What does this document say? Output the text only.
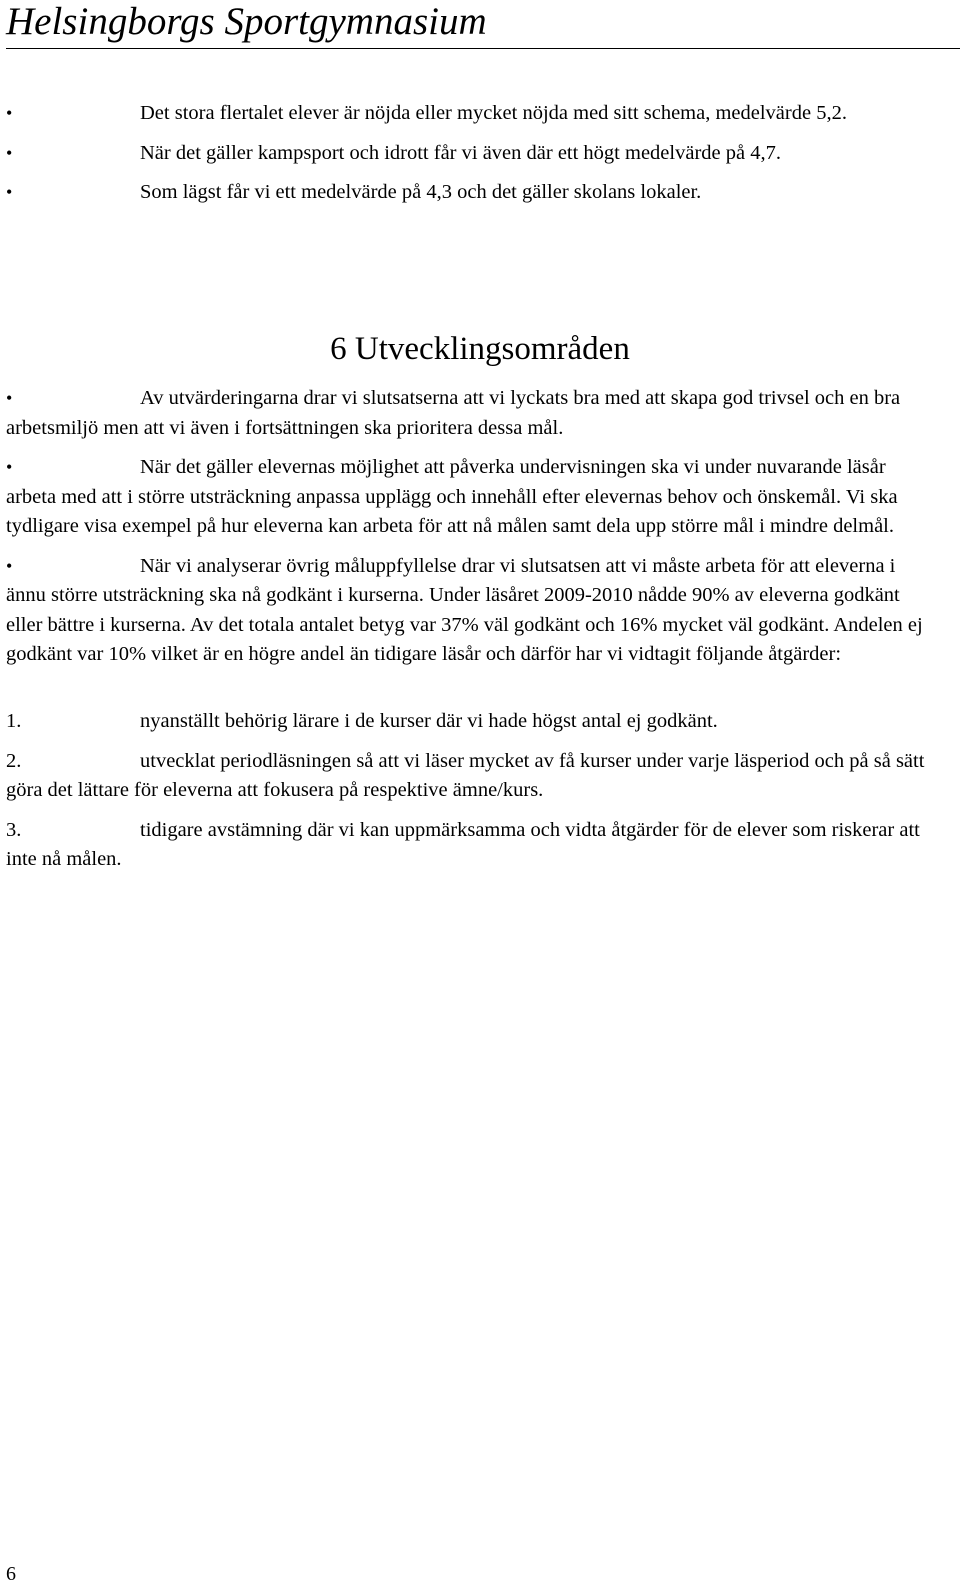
Helsingborgs Sportgymnasium

•	Det stora flertalet elever är nöjda eller mycket nöjda med sitt schema, medelvärde 5,2.

•	När det gäller kampsport och idrott får vi även där ett högt medelvärde på 4,7.

•	Som lägst får vi ett medelvärde på 4,3 och det gäller skolans lokaler.

6 Utvecklingsområden

•	Av utvärderingarna drar vi slutsatserna att vi lyckats bra med att skapa god trivsel och en bra arbetsmiljö men att vi även i fortsättningen ska prioritera dessa mål.

•	När det gäller elevernas möjlighet att påverka undervisningen ska vi under nuvarande läsår arbeta med att i större utsträckning anpassa upplägg och innehåll efter elevernas behov och önskemål. Vi ska tydligare visa exempel på hur eleverna kan arbeta för att nå målen samt dela upp större mål i mindre delmål.

•	När vi analyserar övrig måluppfyllelse drar vi slutsatsen att vi måste arbeta för att eleverna i ännu större utsträckning ska nå godkänt i kurserna. Under läsåret 2009-2010 nådde 90% av eleverna godkänt eller bättre i kurserna. Av det totala antalet betyg var 37% väl godkänt och 16% mycket väl godkänt. Andelen ej godkänt var 10% vilket är en högre andel än tidigare läsår och därför har vi vidtagit följande åtgärder:

1.	nyanställt behörig lärare i de kurser där vi hade högst antal ej godkänt.

2.	utvecklat periodläsningen så att vi läser mycket av få kurser under varje läsperiod och på så sätt göra det lättare för eleverna att fokusera på respektive ämne/kurs.

3.	tidigare avstämning där vi kan uppmärksamma och vidta åtgärder för de elever som riskerar att inte nå målen.

6
